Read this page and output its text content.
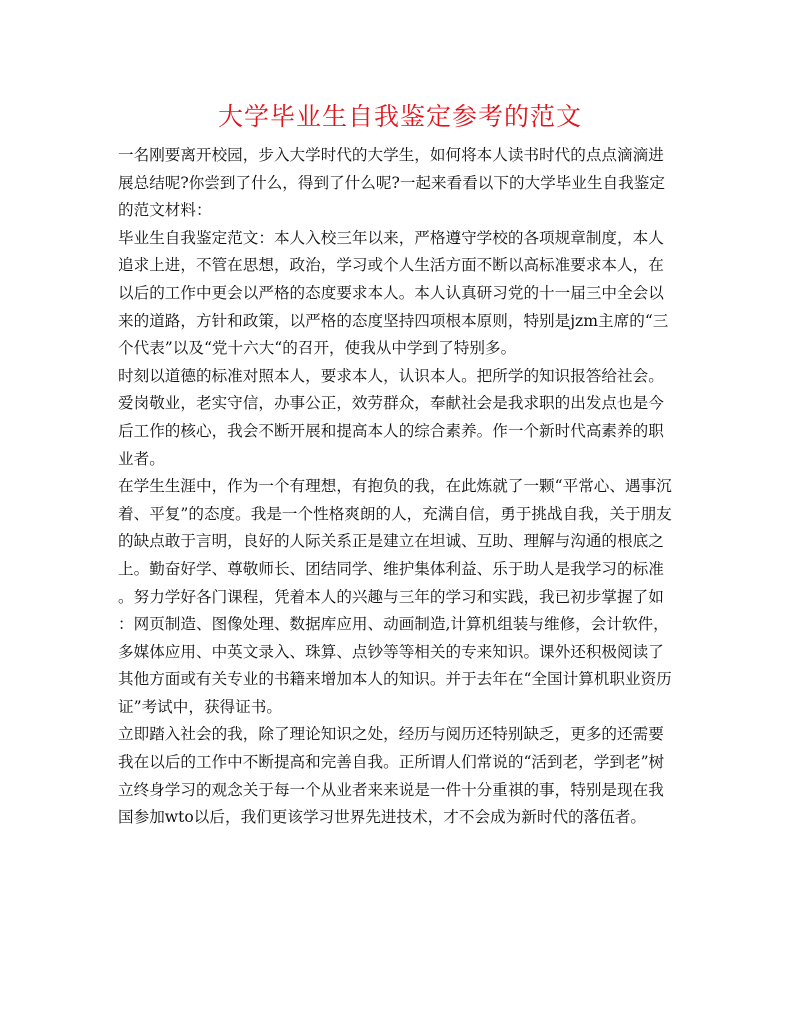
大学毕业生自我鉴定参考的范文

一名刚要离开校园，步入大学时代的大学生，如何将本人读书时代的点点滴滴进
展总结呢?你尝到了什么，得到了什么呢?一起来看看以下的大学毕业生自我鉴定
的范文材料：

毕业生自我鉴定范文：本人入校三年以来，严格遵守学校的各项规章制度，本人
追求上进，不管在思想，政治，学习或个人生活方面不断以高标准要求本人，在
以后的工作中更会以严格的态度要求本人。本人认真研习党的十一届三中全会以
来的道路，方针和政策，以严格的态度坚持四项根本原则，特别是jzm主席的“三
个代表”以及“党十六大“的召开，使我从中学到了特别多。

时刻以道德的标准对照本人，要求本人，认识本人。把所学的知识报答给社会。
爱岗敬业，老实守信，办事公正，效劳群众，奉献社会是我求职的出发点也是今
后工作的核心，我会不断开展和提高本人的综合素养。作一个新时代高素养的职
业者。

在学生生涯中，作为一个有理想，有抱负的我，在此炼就了一颗“平常心、遇事沉
着、平复”的态度。我是一个性格爽朗的人，充满自信，勇于挑战自我，关于朋友
的缺点敢于言明，良好的人际关系正是建立在坦诚、互助、理解与沟通的根底之
上。勤奋好学、尊敬师长、团结同学、维护集体利益、乐于助人是我学习的标准
。努力学好各门课程，凭着本人的兴趣与三年的学习和实践，我已初步掌握了如
：网页制造、图像处理、数据库应用、动画制造,计算机组装与维修，会计软件，
多媒体应用、中英文录入、珠算、点钞等等相关的专来知识。课外还积极阅读了
其他方面或有关专业的书籍来增加本人的知识。并于去年在“全国计算机职业资历
证”考试中，获得证书。

立即踏入社会的我，除了理论知识之处，经历与阅历还特别缺乏，更多的还需要
我在以后的工作中不断提高和完善自我。正所谓人们常说的“活到老，学到老”树
立终身学习的观念关于每一个从业者来来说是一件十分重祺的事，特别是现在我
国参加wto以后，我们更该学习世界先进技术，才不会成为新时代的落伍者。
